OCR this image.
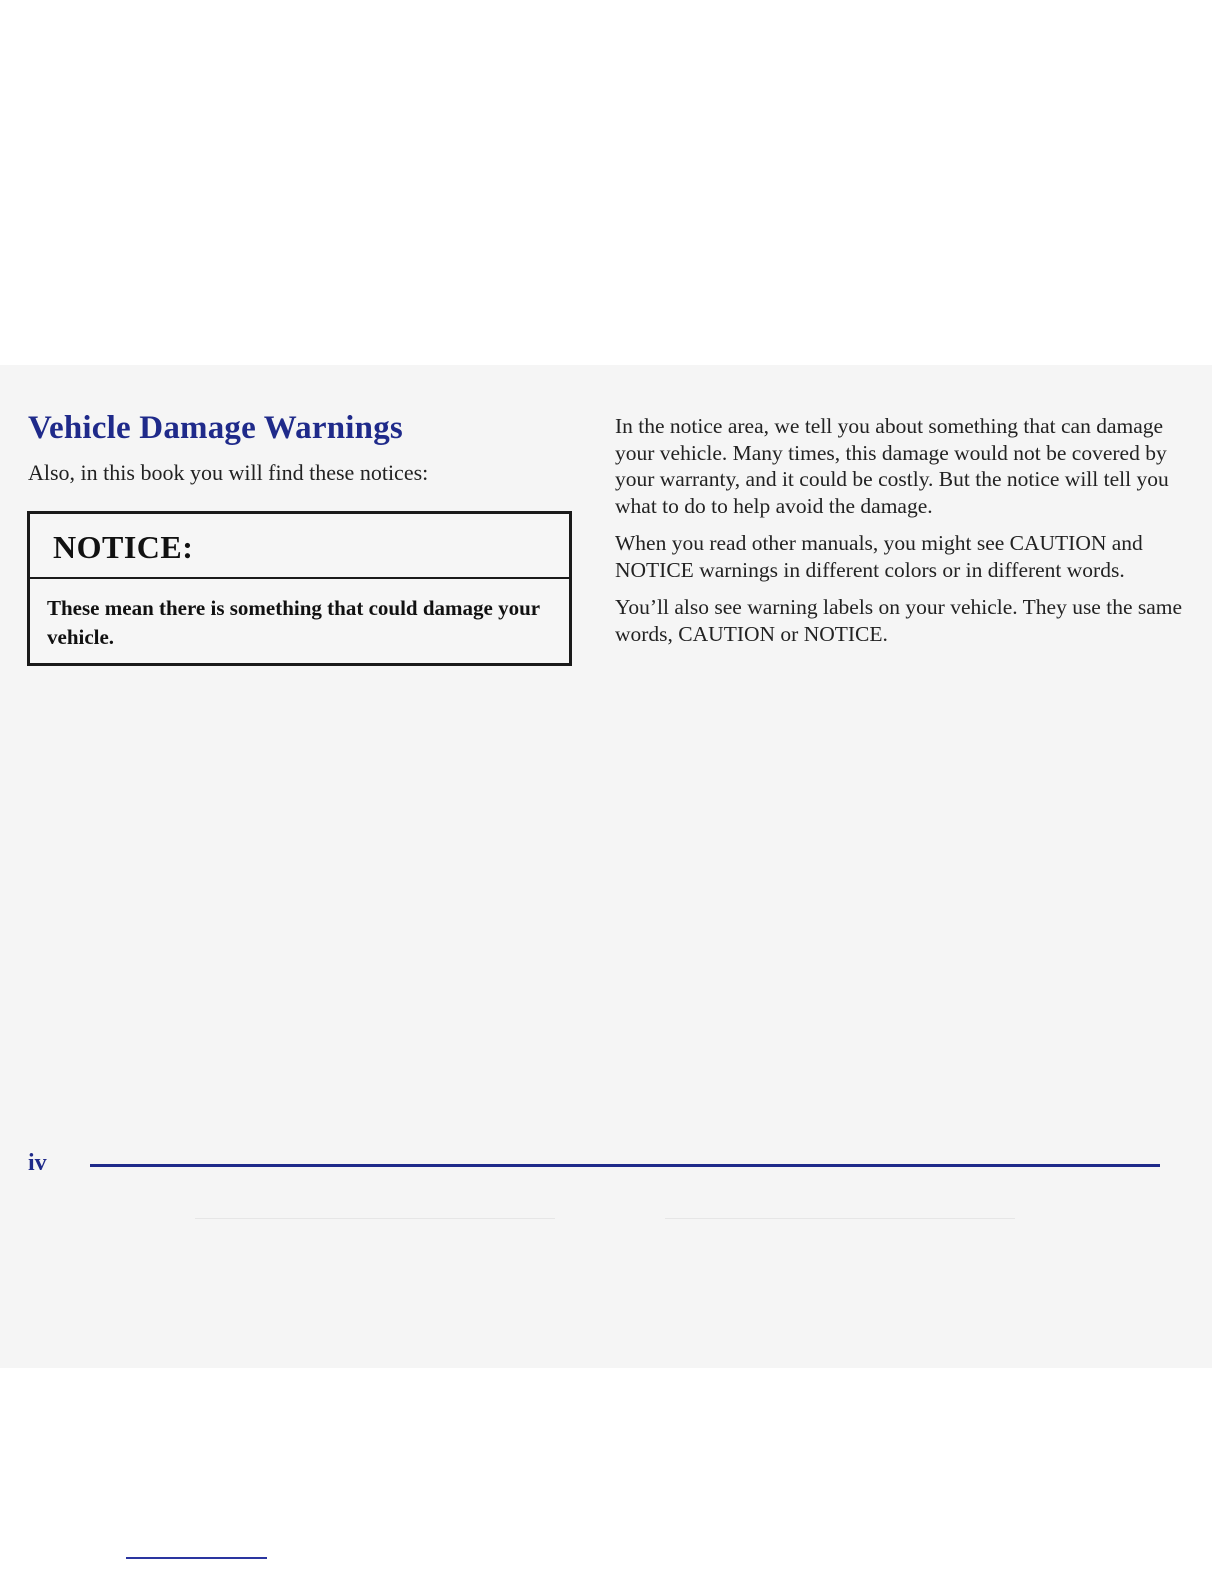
Vehicle Damage Warnings

Also, in this book you will find these notices:

NOTICE:

These mean there is something that could damage your vehicle.

In the notice area, we tell you about something that can damage your vehicle. Many times, this damage would not be covered by your warranty, and it could be costly. But the notice will tell you what to do to help avoid the damage.

When you read other manuals, you might see CAUTION and NOTICE warnings in different colors or in different words.

You’ll also see warning labels on your vehicle. They use the same words, CAUTION or NOTICE.

iv
